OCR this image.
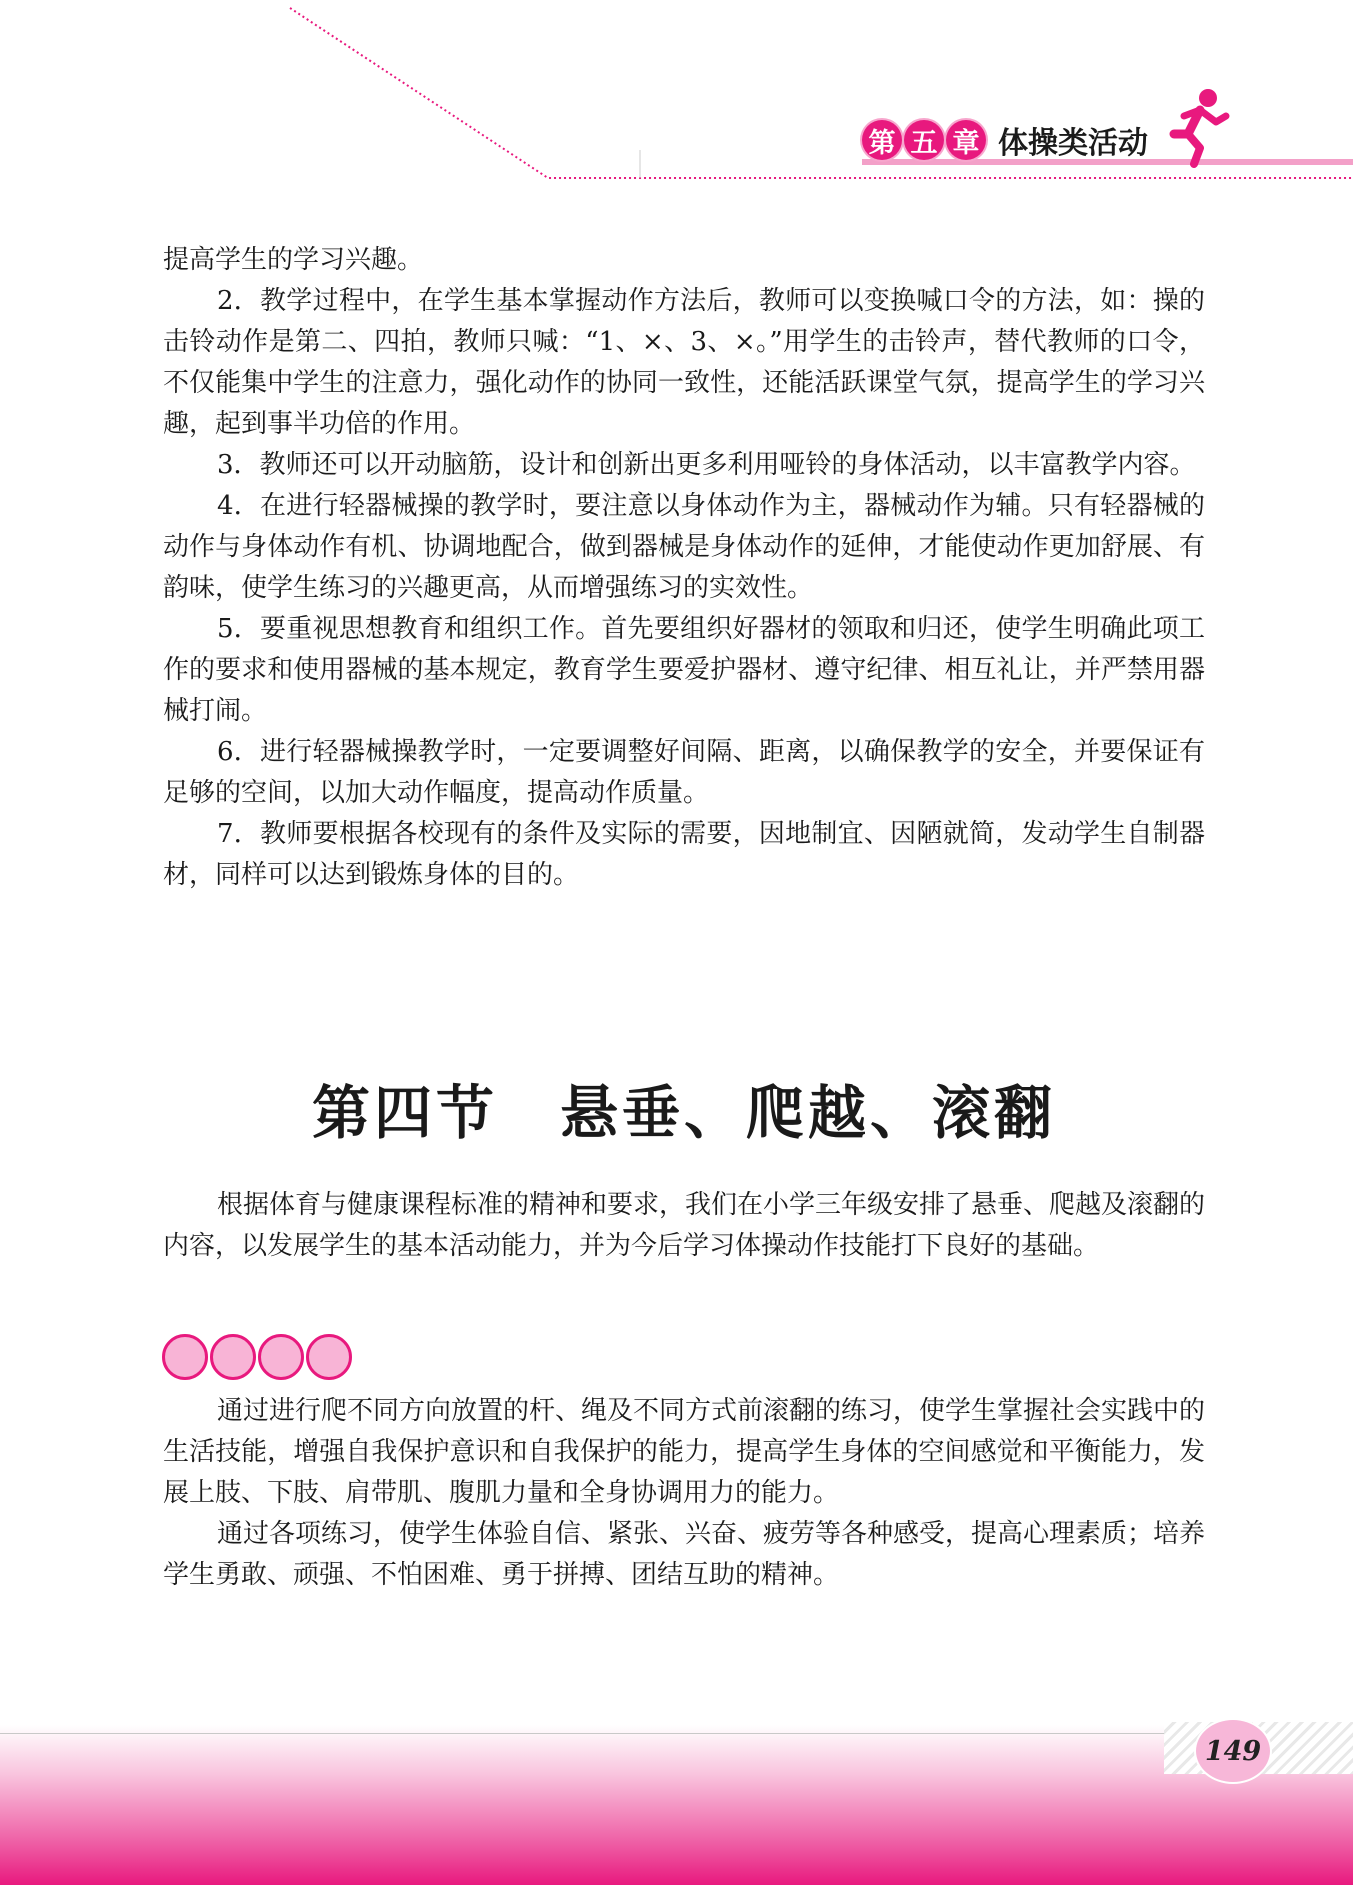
第 五 章 体操类活动

提高学生的学习兴趣。

2．教学过程中，在学生基本掌握动作方法后，教师可以变换喊口令的方法，如：操的击铃动作是第二、四拍，教师只喊：“1、×、3、×。”用学生的击铃声，替代教师的口令，不仅能集中学生的注意力，强化动作的协同一致性，还能活跃课堂气氛，提高学生的学习兴趣，起到事半功倍的作用。

3．教师还可以开动脑筋，设计和创新出更多利用哑铃的身体活动，以丰富教学内容。

4．在进行轻器械操的教学时，要注意以身体动作为主，器械动作为辅。只有轻器械的动作与身体动作有机、协调地配合，做到器械是身体动作的延伸，才能使动作更加舒展、有韵味，使学生练习的兴趣更高，从而增强练习的实效性。

5．要重视思想教育和组织工作。首先要组织好器材的领取和归还，使学生明确此项工作的要求和使用器械的基本规定，教育学生要爱护器材、遵守纪律、相互礼让，并严禁用器械打闹。

6．进行轻器械操教学时，一定要调整好间隔、距离，以确保教学的安全，并要保证有足够的空间，以加大动作幅度，提高动作质量。

7．教师要根据各校现有的条件及实际的需要，因地制宜、因陋就简，发动学生自制器材，同样可以达到锻炼身体的目的。

第四节　悬垂、爬越、滚翻

根据体育与健康课程标准的精神和要求，我们在小学三年级安排了悬垂、爬越及滚翻的内容，以发展学生的基本活动能力，并为今后学习体操动作技能打下良好的基础。

通过进行爬不同方向放置的杆、绳及不同方式前滚翻的练习，使学生掌握社会实践中的生活技能，增强自我保护意识和自我保护的能力，提高学生身体的空间感觉和平衡能力，发展上肢、下肢、肩带肌、腹肌力量和全身协调用力的能力。

通过各项练习，使学生体验自信、紧张、兴奋、疲劳等各种感受，提高心理素质；培养学生勇敢、顽强、不怕困难、勇于拼搏、团结互助的精神。

149
